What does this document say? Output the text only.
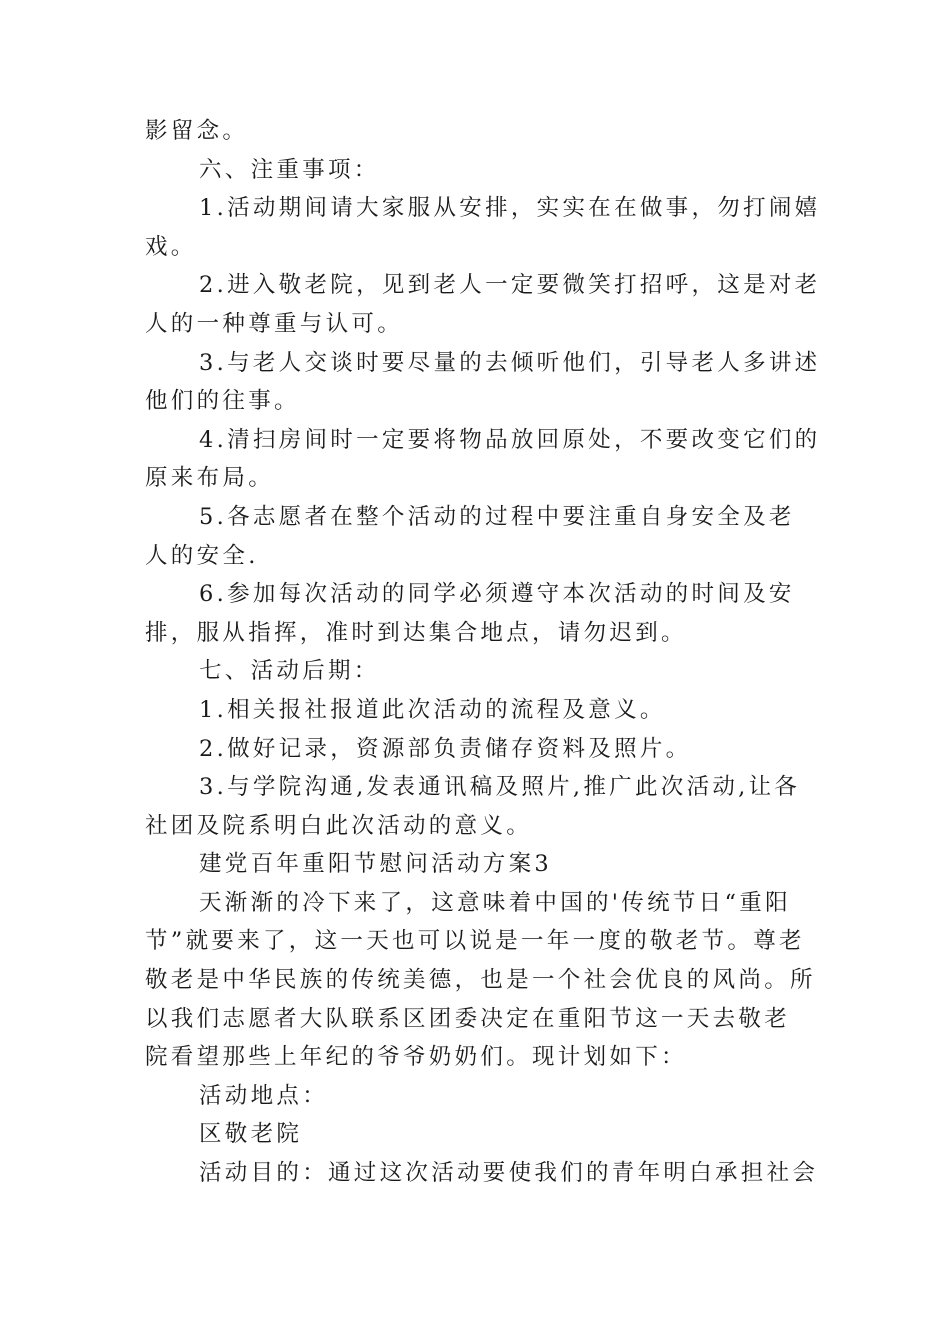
影留念。
六、注重事项：
1.活动期间请大家服从安排，实实在在做事，勿打闹嬉
戏。
2.进入敬老院，见到老人一定要微笑打招呼，这是对老
人的一种尊重与认可。
3.与老人交谈时要尽量的去倾听他们，引导老人多讲述
他们的往事。
4.清扫房间时一定要将物品放回原处，不要改变它们的
原来布局。
5.各志愿者在整个活动的过程中要注重自身安全及老
人的安全.
6.参加每次活动的同学必须遵守本次活动的时间及安
排，服从指挥，准时到达集合地点，请勿迟到。
七、活动后期：
1.相关报社报道此次活动的流程及意义。
2.做好记录，资源部负责储存资料及照片。
3.与学院沟通,发表通讯稿及照片,推广此次活动,让各
社团及院系明白此次活动的意义。
建党百年重阳节慰问活动方案3
天渐渐的冷下来了，这意味着中国的'传统节日“重阳
节”就要来了，这一天也可以说是一年一度的敬老节。尊老
敬老是中华民族的传统美德，也是一个社会优良的风尚。所
以我们志愿者大队联系区团委决定在重阳节这一天去敬老
院看望那些上年纪的爷爷奶奶们。现计划如下：
活动地点：
区敬老院
活动目的：通过这次活动要使我们的青年明白承担社会
